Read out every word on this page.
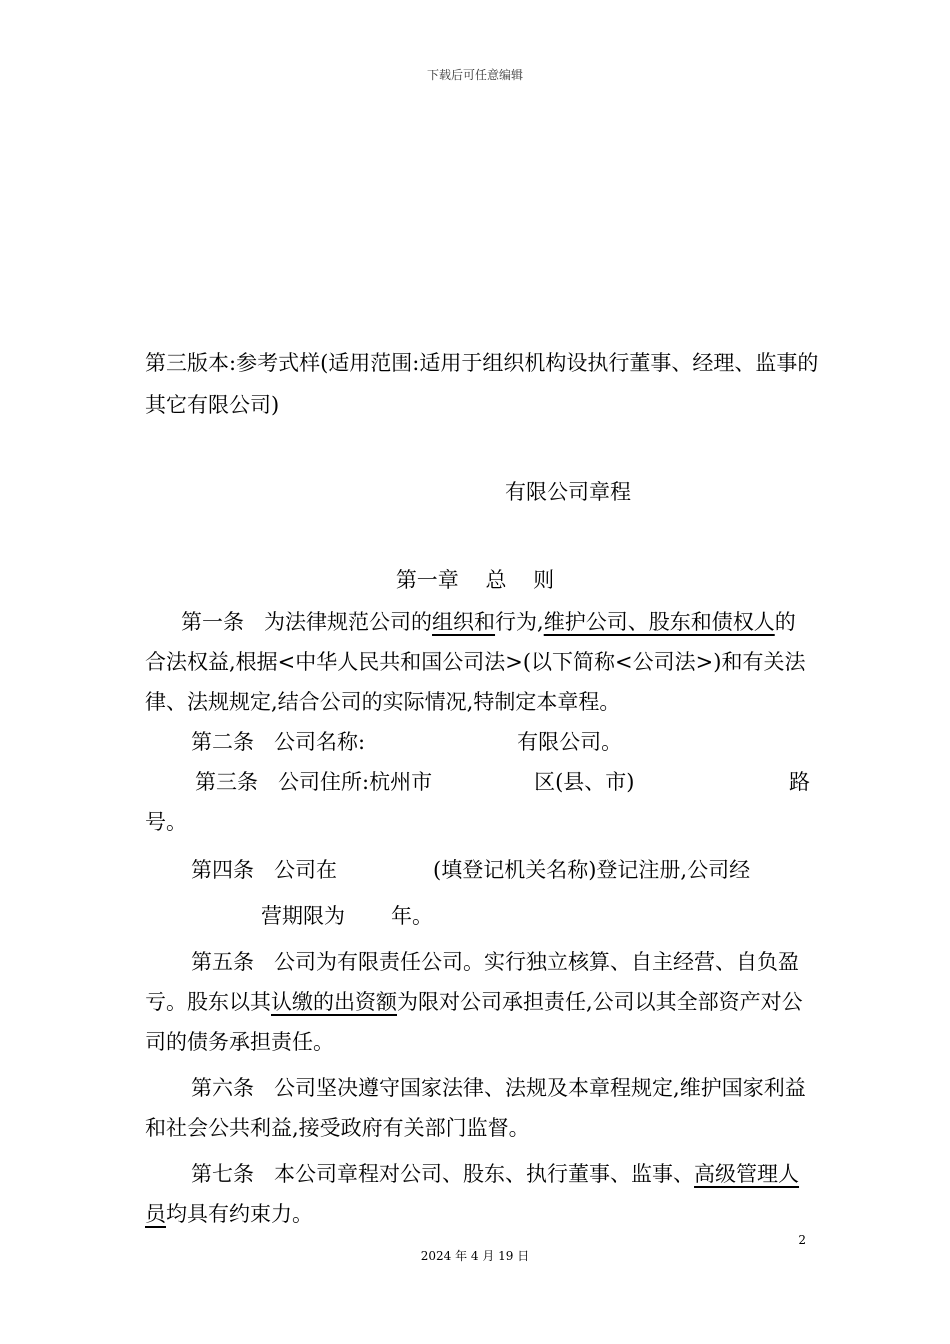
下载后可任意编辑

第三版本:参考式样(适用范围:适用于组织机构设执行董事、经理、监事的其它有限公司)

有限公司章程

第一章 总 则

第一条 为法律规范公司的组织和行为,维护公司、股东和债权人的合法权益,根据<中华人民共和国公司法>(以下简称<公司法>)和有关法律、法规规定,结合公司的实际情况,特制定本章程。

第二条 公司名称:	有限公司。

第三条 公司住所:杭州市	区(县、市)	路

号。

第四条 公司在	(填登记机关名称)登记注册,公司经

营期限为 年。

第五条 公司为有限责任公司。实行独立核算、自主经营、自负盈亏。股东以其认缴的出资额为限对公司承担责任,公司以其全部资产对公司的债务承担责任。

第六条 公司坚决遵守国家法律、法规及本章程规定,维护国家利益和社会公共利益,接受政府有关部门监督。

第七条 本公司章程对公司、股东、执行董事、监事、高级管理人员均具有约束力。

2
2024 年 4 月 19 日
